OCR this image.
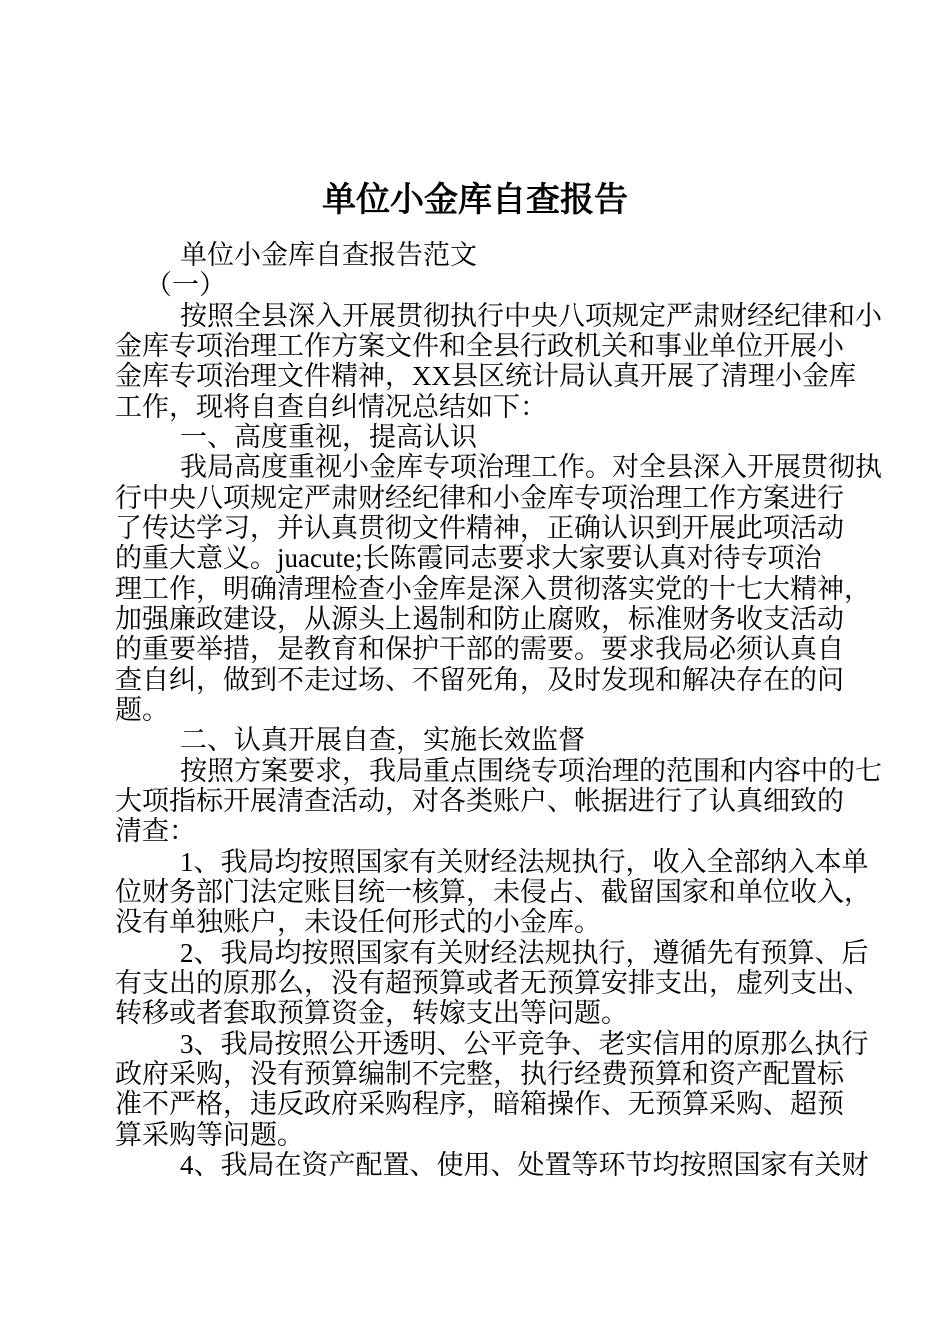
单位小金库自查报告
单位小金库自查报告范文
（一）
按照全县深入开展贯彻执行中央八项规定严肃财经纪律和小
金库专项治理工作方案文件和全县行政机关和事业单位开展小
金库专项治理文件精神，XX县区统计局认真开展了清理小金库
工作，现将自查自纠情况总结如下：
一、高度重视，提高认识
我局高度重视小金库专项治理工作。对全县深入开展贯彻执
行中央八项规定严肃财经纪律和小金库专项治理工作方案进行
了传达学习，并认真贯彻文件精神，正确认识到开展此项活动
的重大意义。juacute;长陈霞同志要求大家要认真对待专项治
理工作，明确清理检查小金库是深入贯彻落实党的十七大精神，
加强廉政建设，从源头上遏制和防止腐败，标准财务收支活动
的重要举措，是教育和保护干部的需要。要求我局必须认真自
查自纠，做到不走过场、不留死角，及时发现和解决存在的问
题。
二、认真开展自查，实施长效监督
按照方案要求，我局重点围绕专项治理的范围和内容中的七
大项指标开展清查活动，对各类账户、帐据进行了认真细致的
清查：
1、我局均按照国家有关财经法规执行，收入全部纳入本单
位财务部门法定账目统一核算，未侵占、截留国家和单位收入，
没有单独账户，未设任何形式的小金库。
2、我局均按照国家有关财经法规执行，遵循先有预算、后
有支出的原那么，没有超预算或者无预算安排支出，虚列支出、
转移或者套取预算资金，转嫁支出等问题。
3、我局按照公开透明、公平竞争、老实信用的原那么执行
政府采购，没有预算编制不完整，执行经费预算和资产配置标
准不严格，违反政府采购程序，暗箱操作、无预算采购、超预
算采购等问题。
4、我局在资产配置、使用、处置等环节均按照国家有关财
